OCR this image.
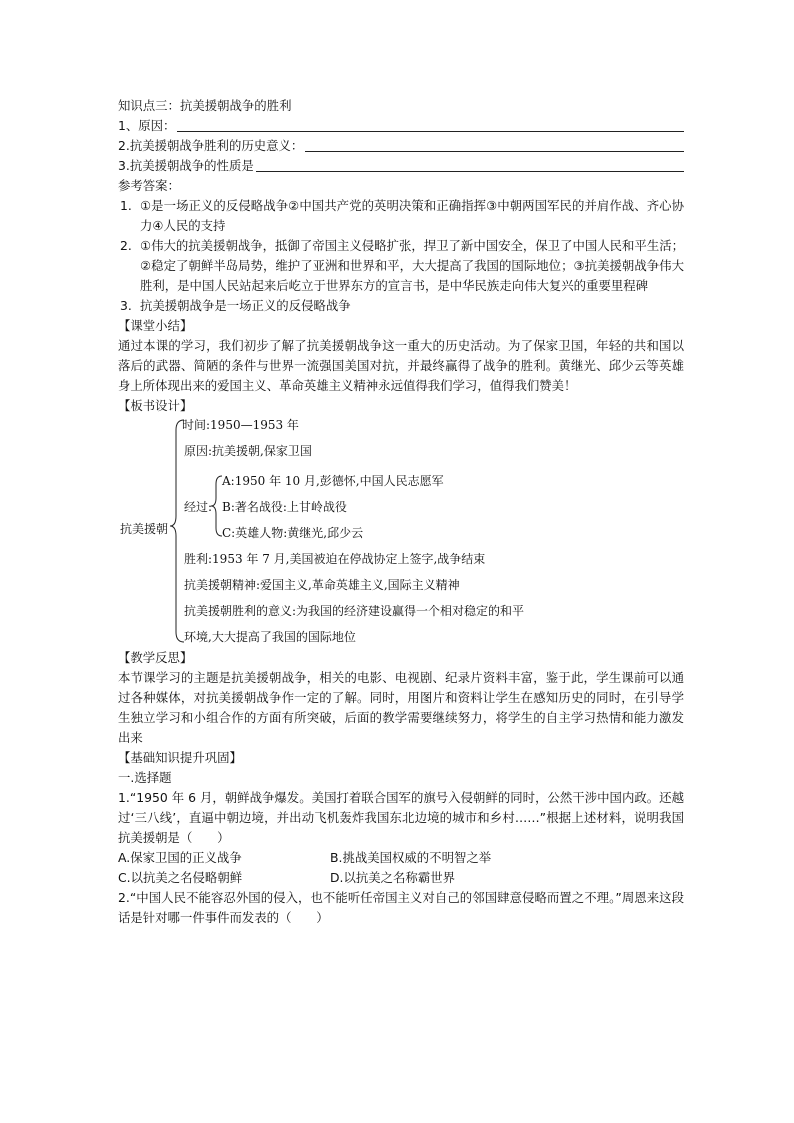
知识点三：抗美援朝战争的胜利
1、原因：
2.抗美援朝战争胜利的历史意义：
3.抗美援朝战争的性质是
参考答案：
1. ①是一场正义的反侵略战争②中国共产党的英明决策和正确指挥③中朝两国军民的并肩作战、齐心协力④人民的支持
2. ①伟大的抗美援朝战争，抵御了帝国主义侵略扩张，捍卫了新中国安全，保卫了中国人民和平生活；②稳定了朝鲜半岛局势，维护了亚洲和世界和平，大大提高了我国的国际地位；③抗美援朝战争伟大胜利，是中国人民站起来后屹立于世界东方的宣言书，是中华民族走向伟大复兴的重要里程碑
3. 抗美援朝战争是一场正义的反侵略战争
【课堂小结】
通过本课的学习，我们初步了解了抗美援朝战争这一重大的历史活动。为了保家卫国，年轻的共和国以落后的武器、简陋的条件与世界一流强国美国对抗，并最终赢得了战争的胜利。黄继光、邱少云等英雄身上所体现出来的爱国主义、革命英雄主义精神永远值得我们学习，值得我们赞美！
【板书设计】
抗美援朝
时间:1950—1953 年
原因:抗美援朝,保家卫国
经过:
A:1950 年 10 月,彭德怀,中国人民志愿军
B:著名战役:上甘岭战役
C:英雄人物:黄继光,邱少云
胜利:1953 年 7 月,美国被迫在停战协定上签字,战争结束
抗美援朝精神:爱国主义,革命英雄主义,国际主义精神
抗美援朝胜利的意义:为我国的经济建设赢得一个相对稳定的和平
环境,大大提高了我国的国际地位
【教学反思】
本节课学习的主题是抗美援朝战争，相关的电影、电视剧、纪录片资料丰富，鉴于此，学生课前可以通过各种媒体，对抗美援朝战争作一定的了解。同时，用图片和资料让学生在感知历史的同时，在引导学生独立学习和小组合作的方面有所突破，后面的教学需要继续努力，将学生的自主学习热情和能力激发出来
【基础知识提升巩固】
一.选择题
1.“1950 年 6 月，朝鲜战争爆发。美国打着联合国军的旗号入侵朝鲜的同时，公然干涉中国内政。还越过‘三八线’，直逼中朝边境，并出动飞机轰炸我国东北边境的城市和乡村……”根据上述材料，说明我国抗美援朝是（　　）
A.保家卫国的正义战争	B.挑战美国权威的不明智之举
C.以抗美之名侵略朝鲜	D.以抗美之名称霸世界
2.“中国人民不能容忍外国的侵入，也不能听任帝国主义对自己的邻国肆意侵略而置之不理。”周恩来这段话是针对哪一件事件而发表的（　　）
